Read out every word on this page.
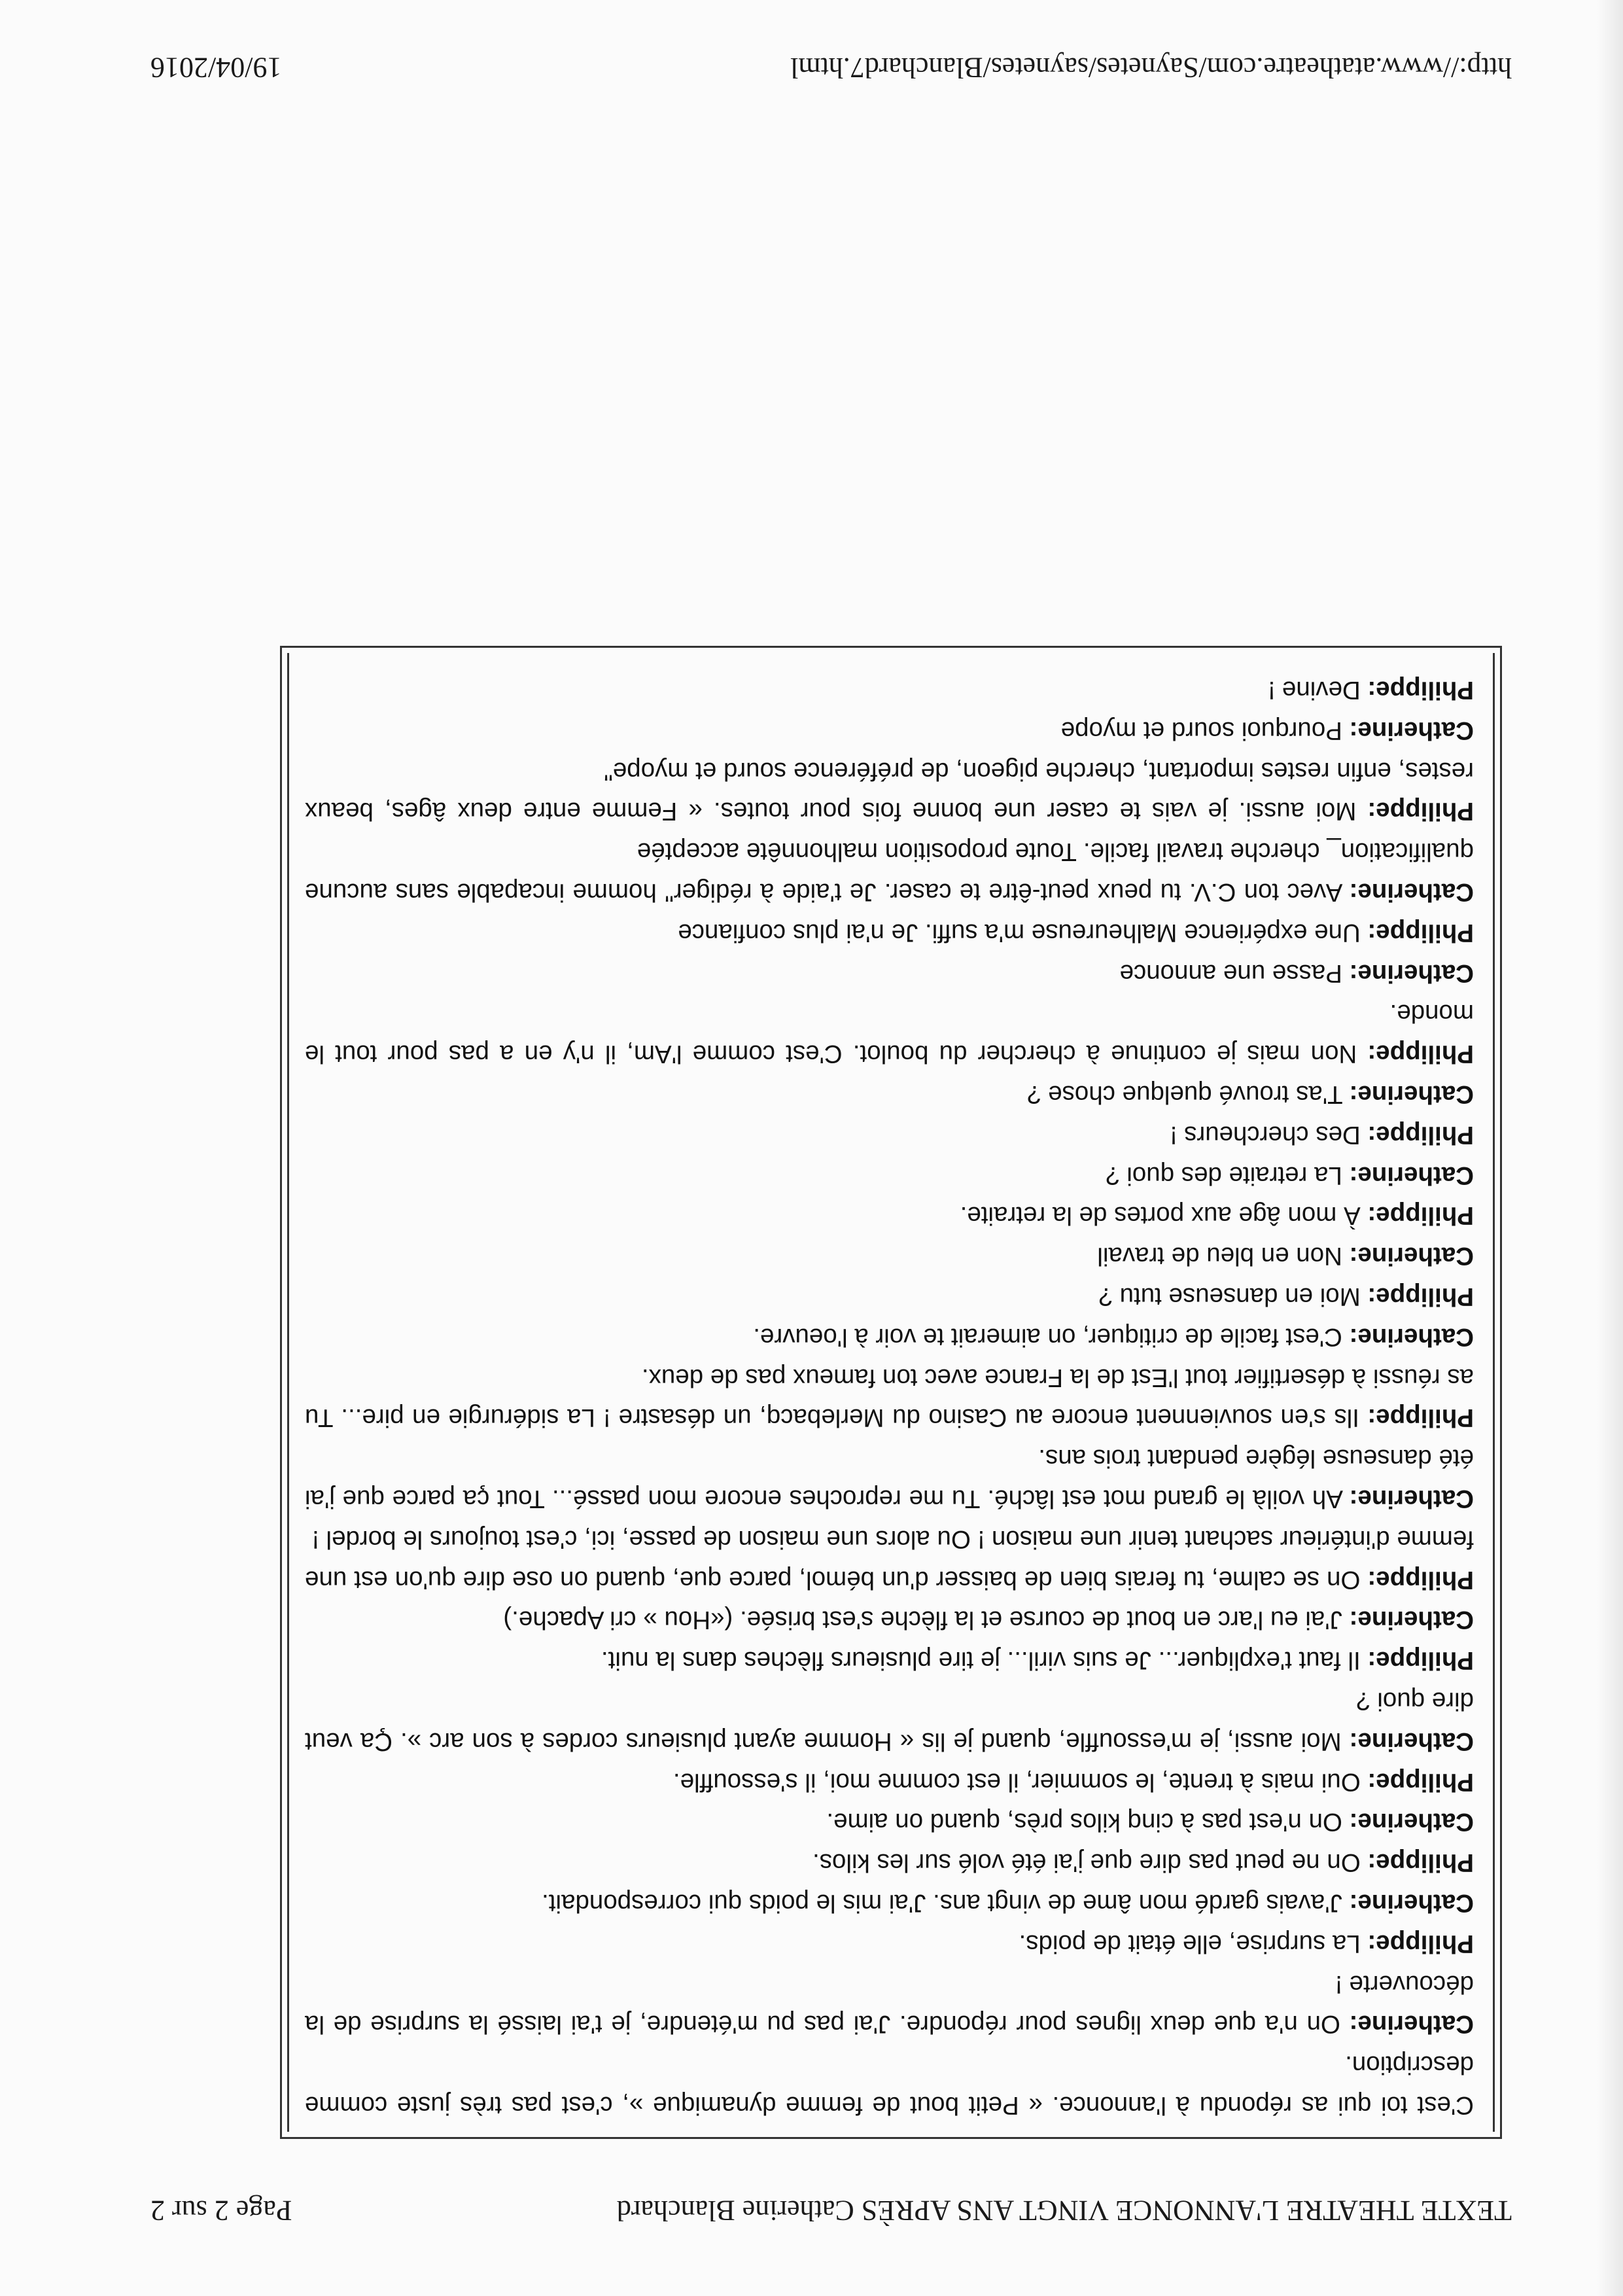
TEXTE THEATRE L'ANNONCE VINGT ANS APRÈS Catherine Blanchard
Page 2 sur 2

C'est toi qui as répondu à l'annonce. « Petit bout de femme dynamique », c'est pas très juste comme description.

Catherine: On n'a que deux lignes pour répondre. J'ai pas pu m'étendre, je t'ai laissé la surprise de la découverte !

Philippe: La surprise, elle était de poids.

Catherine: J'avais gardé mon âme de vingt ans. J'ai mis le poids qui correspondait.

Philippe: On ne peut pas dire que j'ai été volé sur les kilos.

Catherine: On n'est pas à cinq kilos près, quand on aime.

Philippe: Oui mais à trente, le sommier, il est comme moi, il s'essouffle.

Catherine: Moi aussi, je m'essouffle, quand je lis « Homme ayant plusieurs cordes à son arc ». Ça veut dire quoi ?

Philippe: Il faut t'expliquer... Je suis viril... je tire plusieurs flèches dans la nuit.

Catherine: J'ai eu l'arc en bout de course et la flèche s'est brisée. («Hou » cri Apache.)

Philippe: On se calme, tu ferais bien de baisser d'un bémol, parce que, quand on ose dire qu'on est une femme d'intérieur sachant tenir une maison ! Ou alors une maison de passe, ici, c'est toujours le bordel !

Catherine: Ah voilà le grand mot est lâché. Tu me reproches encore mon passé... Tout ça parce que j'ai été danseuse légère pendant trois ans.

Philippe: Ils s'en souviennent encore au Casino du Merlebacq, un désastre ! La sidérurgie en pire... Tu as réussi à désertifier tout l'Est de la France avec ton fameux pas de deux.

Catherine: C'est facile de critiquer, on aimerait te voir à l'oeuvre.

Philippe: Moi en danseuse tutu ?

Catherine: Non en bleu de travail

Philippe: À mon âge aux portes de la retraite.

Catherine: La retraite des quoi ?

Philippe: Des chercheurs !

Catherine: T'as trouvé quelque chose ?

Philippe: Non mais je continue à chercher du boulot. C'est comme l'Am, il n'y en a pas pour tout le monde.

Catherine: Passe une annonce

Philippe: Une expérience Malheureuse m'a suffi. Je n'ai plus confiance

Catherine: Avec ton C.V. tu peux peut-être te caser. Je t'aide à rédiger" homme incapable sans aucune qualification_ cherche travail facile. Toute proposition malhonnête acceptée

Philippe: Moi aussi. je vais te caser une bonne fois pour toutes. « Femme entre deux âges, beaux restes, enfin restes important, cherche pigeon, de préférence sourd et myope"

Catherine: Pourquoi sourd et myope

Philippe: Devine !

http://www.atatheatre.com/Saynetes/saynetes/Blanchard7.html
19/04/2016
